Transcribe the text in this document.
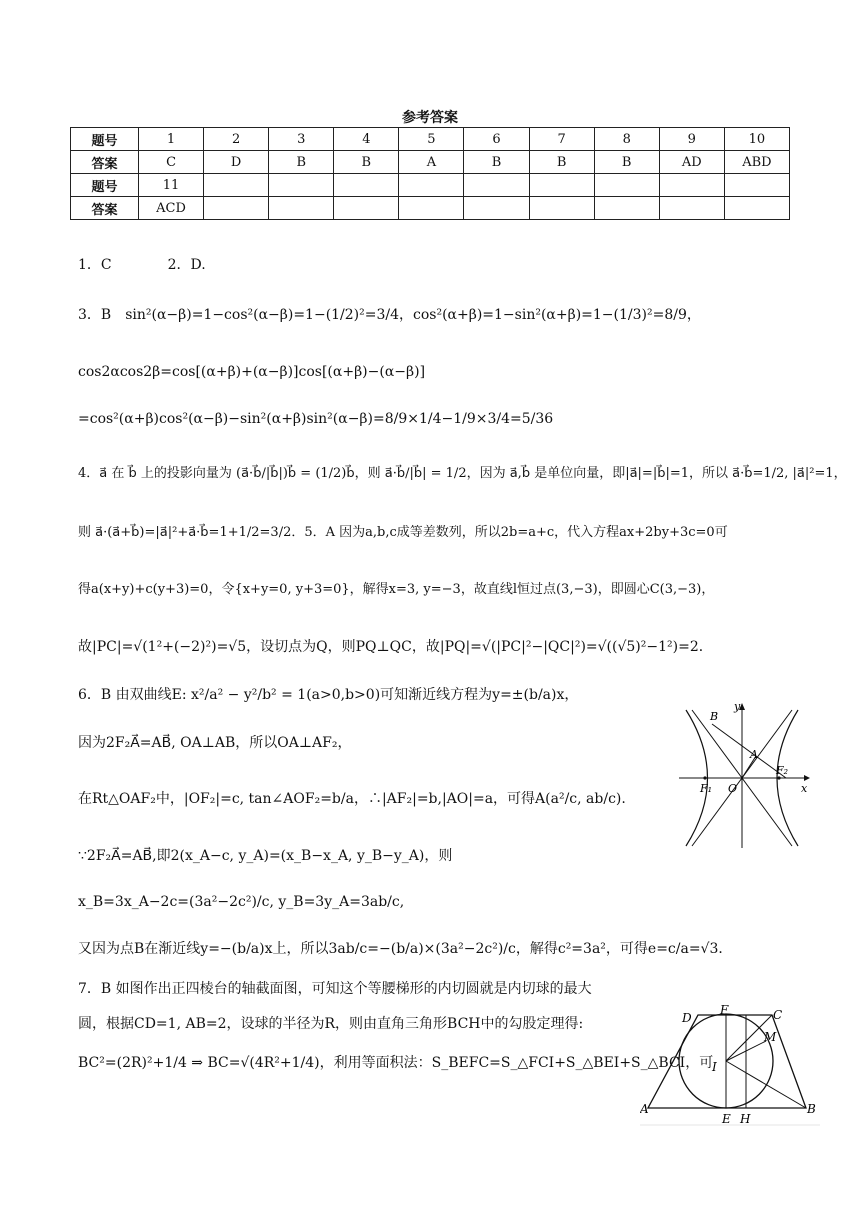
参考答案
题号	1	2	3	4	5	6	7	8	9	10
答案	C	D	B	B	A	B	B	B	AD	ABD
题号	11									
答案	ACD									
1．C　　　　2．D.
3．B　sin²(α−β)=1−cos²(α−β)=1−(1/2)²=3/4，cos²(α+β)=1−sin²(α+β)=1−(1/3)²=8/9，
cos2αcos2β=cos[(α+β)+(α−β)]cos[(α+β)−(α−β)]
=cos²(α+β)cos²(α−β)−sin²(α+β)sin²(α−β)=8/9×1/4−1/9×3/4=5/36
4．a⃗ 在 b⃗ 上的投影向量为 (a⃗·b⃗/|b⃗|)b⃗ = (1/2)b⃗，则 a⃗·b⃗/|b⃗| = 1/2，因为 a⃗,b⃗ 是单位向量，即|a⃗|=|b⃗|=1，所以 a⃗·b⃗=1/2, |a⃗|²=1，
则 a⃗·(a⃗+b⃗)=|a⃗|²+a⃗·b⃗=1+1/2=3/2．5．A 因为a,b,c成等差数列，所以2b=a+c，代入方程ax+2by+3c=0可
得a(x+y)+c(y+3)=0，令{x+y=0, y+3=0}，解得x=3, y=−3，故直线l恒过点(3,−3)，即圆心C(3,−3)，
故|PC|=√(1²+(−2)²)=√5，设切点为Q，则PQ⊥QC，故|PQ|=√(|PC|²−|QC|²)=√((√5)²−1²)=2．
6．B 由双曲线E: x²/a² − y²/b² = 1(a>0,b>0)可知渐近线方程为y=±(b/a)x，
因为2F₂A⃗=AB⃗, OA⊥AB，所以OA⊥AF₂，
在Rt△OAF₂中，|OF₂|=c, tan∠AOF₂=b/a，∴|AF₂|=b,|AO|=a，可得A(a²/c, ab/c).
∵2F₂A⃗=AB⃗,即2(x_A−c, y_A)=(x_B−x_A, y_B−y_A)，则
x_B=3x_A−2c=(3a²−2c²)/c, y_B=3y_A=3ab/c,
又因为点B在渐近线y=−(b/a)x上，所以3ab/c=−(b/a)×(3a²−2c²)/c，解得c²=3a²，可得e=c/a=√3．
7．B 如图作出正四棱台的轴截面图，可知这个等腰梯形的内切圆就是内切球的最大
圆，根据CD=1, AB=2，设球的半径为R，则由直角三角形BCH中的勾股定理得:
BC²=(2R)²+1/4 ⇒ BC=√(4R²+1/4)，利用等面积法：S_BEFC=S_△FCI+S_△BEI+S_△BCI，可
y
x
B
A
F₂
F₁ O
D
F	C
M
I
A
E H
B
